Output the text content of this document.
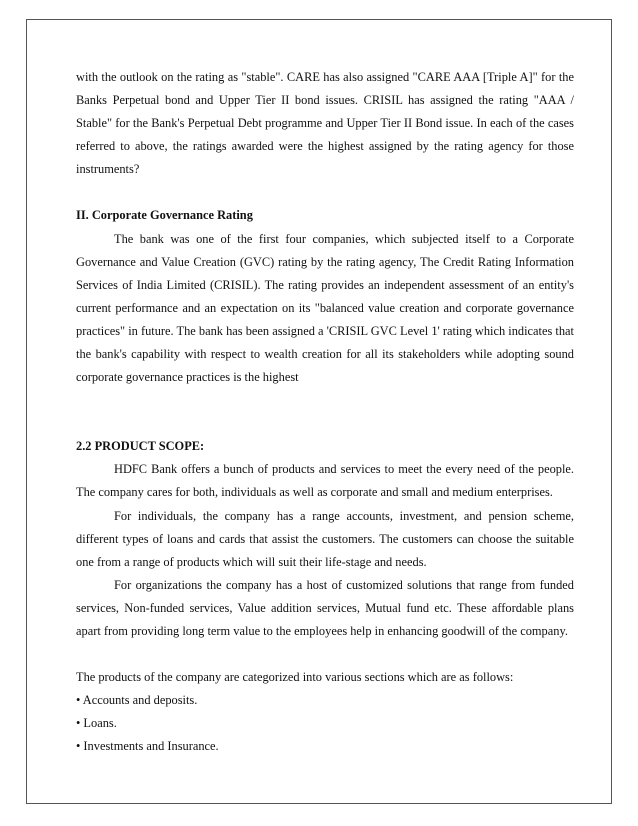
with the outlook on the rating as "stable". CARE has also assigned "CARE AAA [Triple A]" for the Banks Perpetual bond and Upper Tier II bond issues. CRISIL has assigned the rating "AAA / Stable" for the Bank's Perpetual Debt programme and Upper Tier II Bond issue. In each of the cases referred to above, the ratings awarded were the highest assigned by the rating agency for those instruments?

II. Corporate Governance Rating

The bank was one of the first four companies, which subjected itself to a Corporate Governance and Value Creation (GVC) rating by the rating agency, The Credit Rating Information Services of India Limited (CRISIL). The rating provides an independent assessment of an entity's current performance and an expectation on its "balanced value creation and corporate governance practices" in future. The bank has been assigned a 'CRISIL GVC Level 1' rating which indicates that the bank's capability with respect to wealth creation for all its stakeholders while adopting sound corporate governance practices is the highest

2.2 PRODUCT SCOPE:

HDFC Bank offers a bunch of products and services to meet the every need of the people. The company cares for both, individuals as well as corporate and small and medium enterprises.

For individuals, the company has a range accounts, investment, and pension scheme, different types of loans and cards that assist the customers. The customers can choose the suitable one from a range of products which will suit their life-stage and needs.

For organizations the company has a host of customized solutions that range from funded services, Non-funded services, Value addition services, Mutual fund etc. These affordable plans apart from providing long term value to the employees help in enhancing goodwill of the company.

The products of the company are categorized into various sections which are as follows:

• Accounts and deposits.
• Loans.
• Investments and Insurance.
